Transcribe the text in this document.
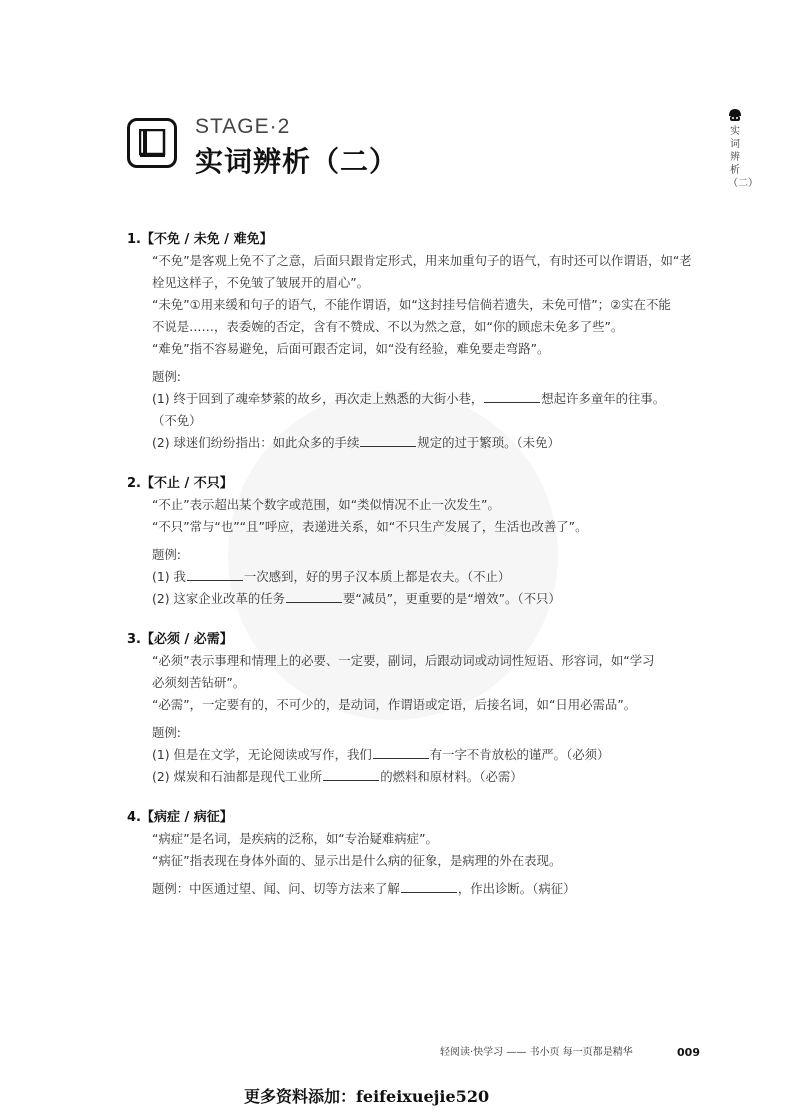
STAGE·2
实词辨析（二）
实词辨析（二）
1.【不免 / 未免 / 难免】
“不免”是客观上免不了之意，后面只跟肯定形式，用来加重句子的语气，有时还可以作谓语，如“老
栓见这样子，不免皱了皱展开的眉心”。
“未免”①用来缓和句子的语气，不能作谓语，如“这封挂号信倘若遗失，未免可惜”；②实在不能
不说是……，表委婉的否定，含有不赞成、不以为然之意，如“你的顾虑未免多了些”。
“难免”指不容易避免，后面可跟否定词，如“没有经验，难免要走弯路”。
题例:
(1) 终于回到了魂牵梦萦的故乡，再次走上熟悉的大街小巷，	想起许多童年的往事。
（不免）
(2) 球迷们纷纷指出：如此众多的手续	规定的过于繁琐。（未免）
2.【不止 / 不只】
“不止”表示超出某个数字或范围，如“类似情况不止一次发生”。
“不只”常与“也”“且”呼应，表递进关系，如“不只生产发展了，生活也改善了”。
题例:
(1) 我	一次感到，好的男子汉本质上都是农夫。（不止）
(2) 这家企业改革的任务	要“减员”，更重要的是“增效”。（不只）
3.【必须 / 必需】
“必须”表示事理和情理上的必要、一定要，副词，后跟动词或动词性短语、形容词，如“学习
必须刻苦钻研”。
“必需”，一定要有的，不可少的，是动词，作谓语或定语，后接名词，如“日用必需品”。
题例:
(1) 但是在文学，无论阅读或写作，我们	有一字不肯放松的谨严。（必须）
(2) 煤炭和石油都是现代工业所	的燃料和原材料。（必需）
4.【病症 / 病征】
“病症”是名词，是疾病的泛称，如“专治疑难病症”。
“病征”指表现在身体外面的、显示出是什么病的征象，是病理的外在表现。
题例：中医通过望、闻、问、切等方法来了解	，作出诊断。（病征）
轻阅读·快学习 —— 书小页 每一页都是精华	009
更多资料添加：feifeixuejie520
